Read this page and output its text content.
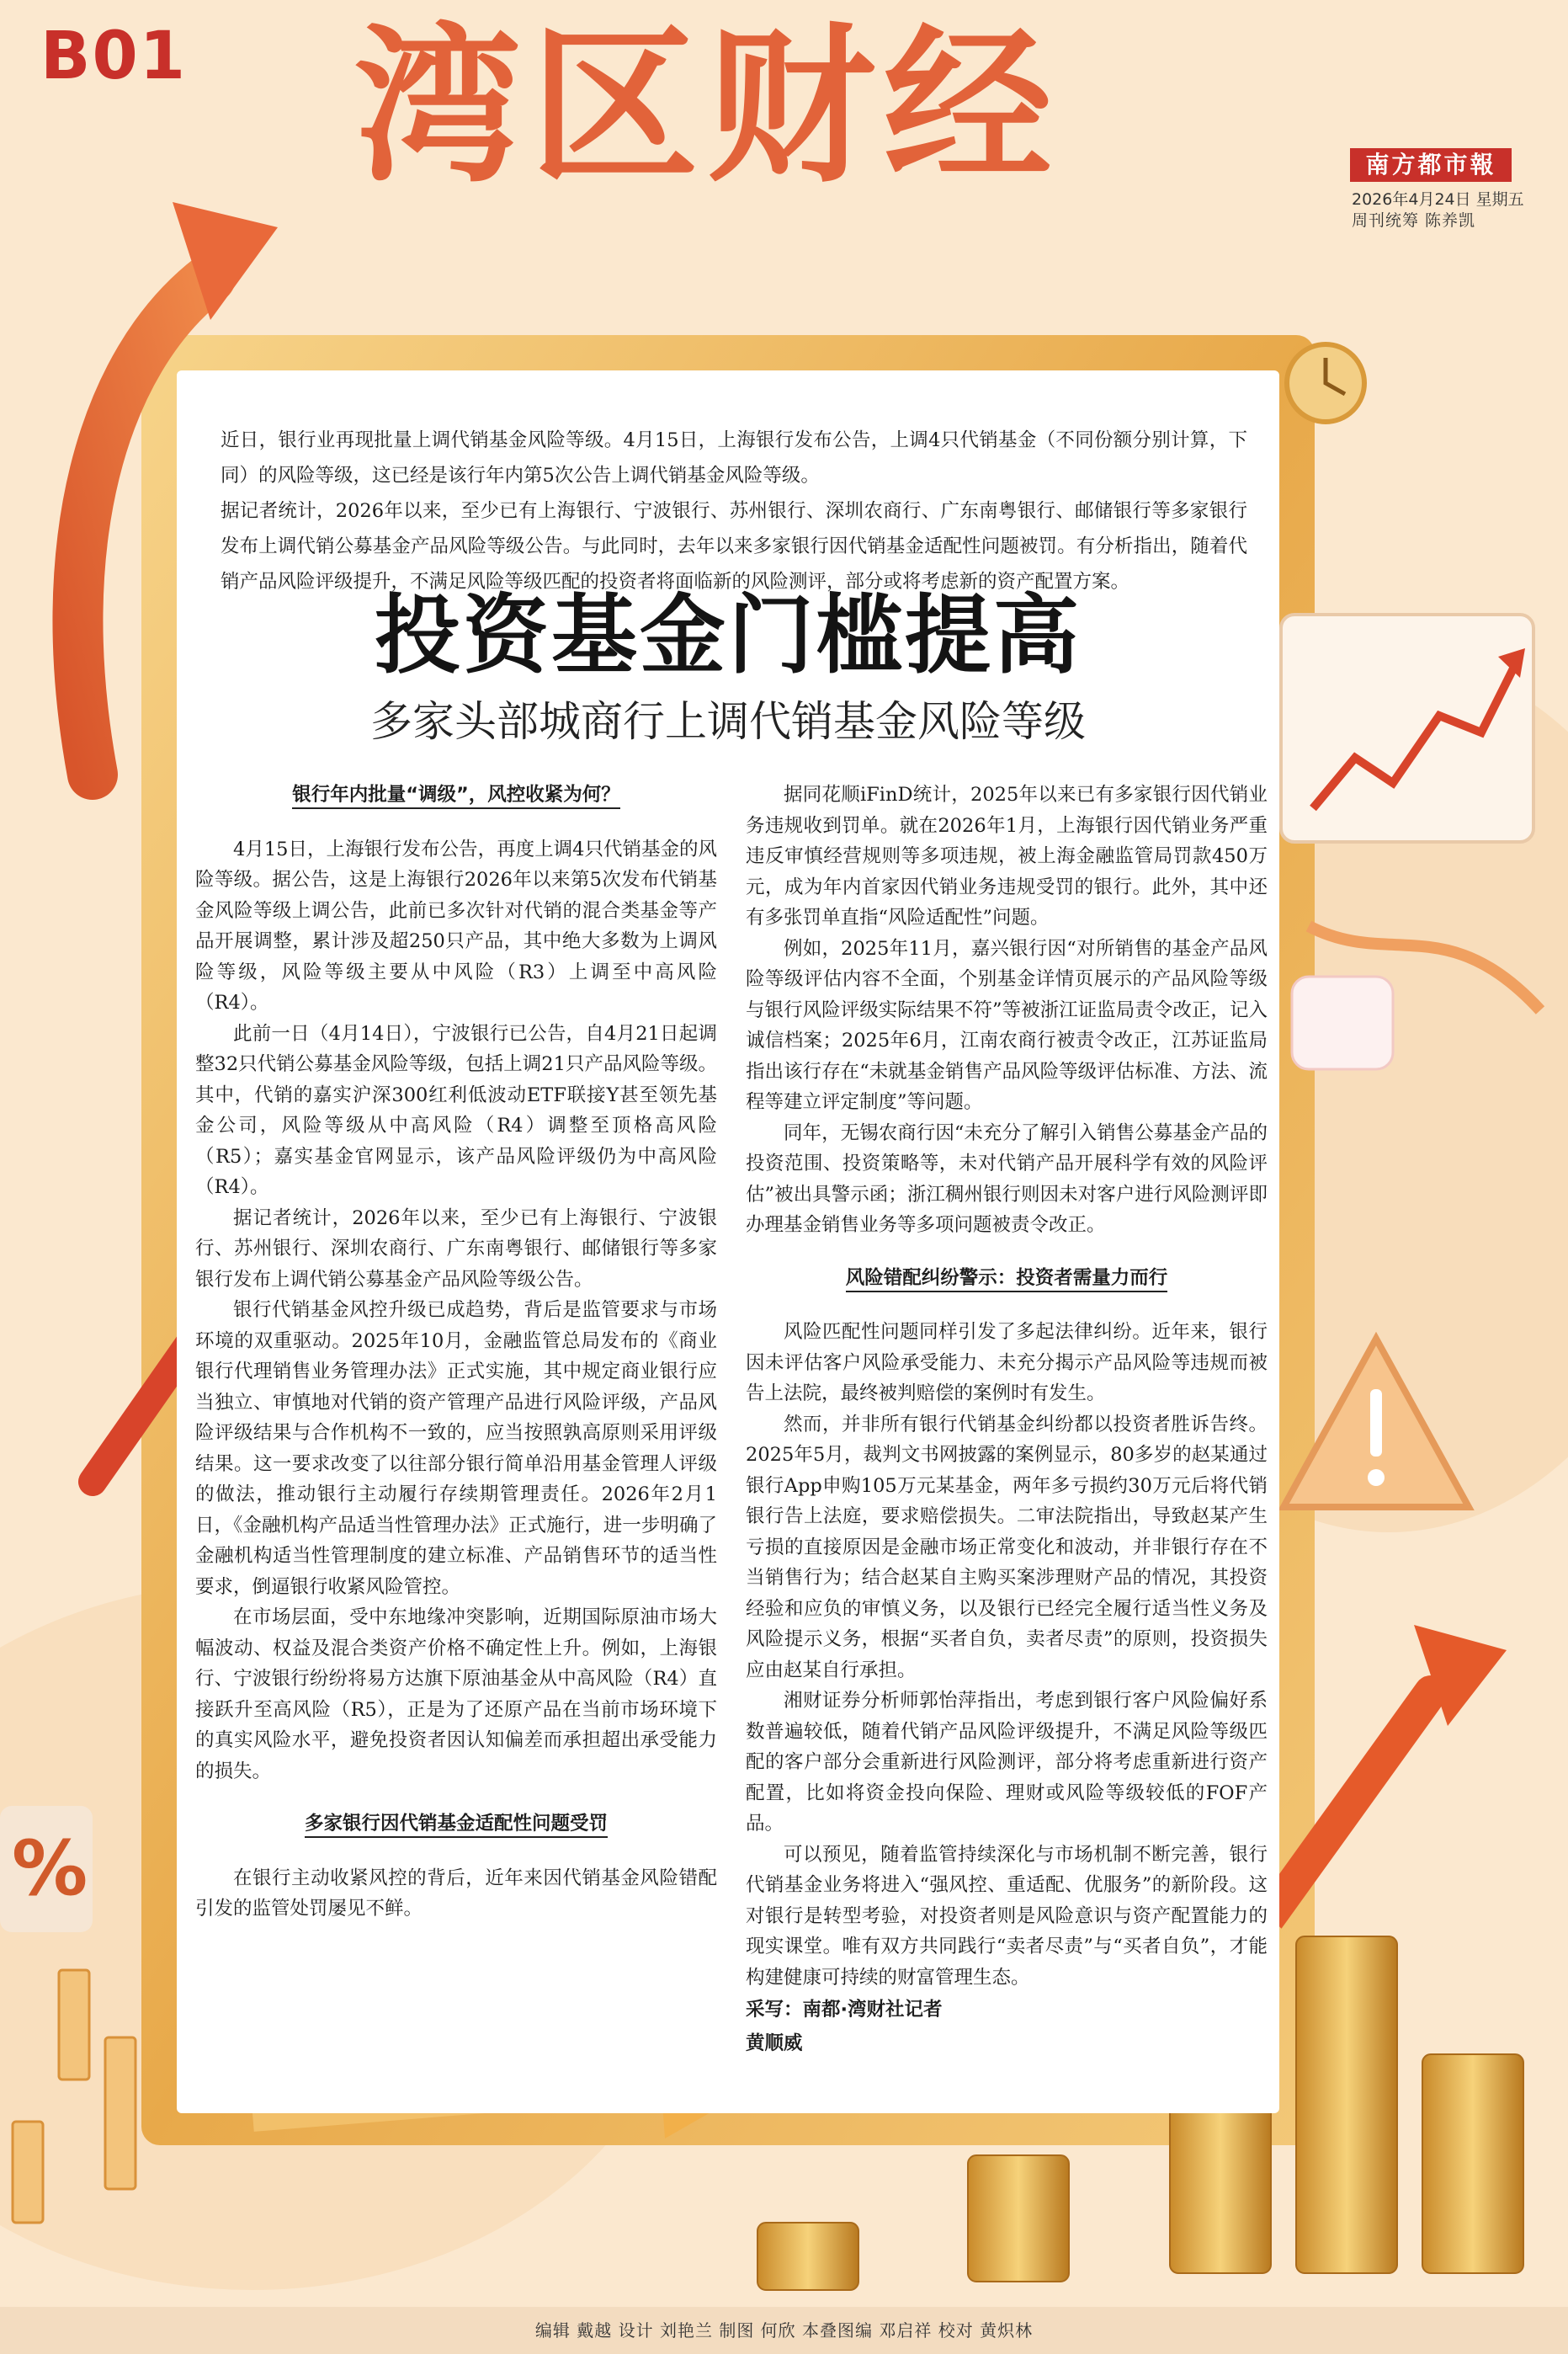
%
B01 湾区财经	南方都市報
2026年4月24日 星期五
周刊统筹 陈养凯

近日，银行业再现批量上调代销基金风险等级。4月15日，上海银行发布公告，上调4只代销基金（不同份额分别计算，下同）的风险等级，这已经是该行年内第5次公告上调代销基金风险等级。

据记者统计，2026年以来，至少已有上海银行、宁波银行、苏州银行、深圳农商行、广东南粤银行、邮储银行等多家银行发布上调代销公募基金产品风险等级公告。与此同时，去年以来多家银行因代销基金适配性问题被罚。有分析指出，随着代销产品风险评级提升，不满足风险等级匹配的投资者将面临新的风险测评，部分或将考虑新的资产配置方案。

投资基金门槛提高
多家头部城商行上调代销基金风险等级
银行年内批量“调级”，风控收紧为何？

4月15日，上海银行发布公告，再度上调4只代销基金的风险等级。据公告，这是上海银行2026年以来第5次发布代销基金风险等级上调公告，此前已多次针对代销的混合类基金等产品开展调整，累计涉及超250只产品，其中绝大多数为上调风险等级，风险等级主要从中风险（R3）上调至中高风险（R4）。

此前一日（4月14日），宁波银行已公告，自4月21日起调整32只代销公募基金风险等级，包括上调21只产品风险等级。其中，代销的嘉实沪深300红利低波动ETF联接Y甚至领先基金公司，风险等级从中高风险（R4）调整至顶格高风险（R5）；嘉实基金官网显示，该产品风险评级仍为中高风险（R4）。

据记者统计，2026年以来，至少已有上海银行、宁波银行、苏州银行、深圳农商行、广东南粤银行、邮储银行等多家银行发布上调代销公募基金产品风险等级公告。

银行代销基金风控升级已成趋势，背后是监管要求与市场环境的双重驱动。2025年10月，金融监管总局发布的《商业银行代理销售业务管理办法》正式实施，其中规定商业银行应当独立、审慎地对代销的资产管理产品进行风险评级，产品风险评级结果与合作机构不一致的，应当按照孰高原则采用评级结果。这一要求改变了以往部分银行简单沿用基金管理人评级的做法，推动银行主动履行存续期管理责任。2026年2月1日，《金融机构产品适当性管理办法》正式施行，进一步明确了金融机构适当性管理制度的建立标准、产品销售环节的适当性要求，倒逼银行收紧风险管控。

在市场层面，受中东地缘冲突影响，近期国际原油市场大幅波动、权益及混合类资产价格不确定性上升。例如，上海银行、宁波银行纷纷将易方达旗下原油基金从中高风险（R4）直接跃升至高风险（R5），正是为了还原产品在当前市场环境下的真实风险水平，避免投资者因认知偏差而承担超出承受能力的损失。

多家银行因代销基金适配性问题受罚

在银行主动收紧风控的背后，近年来因代销基金风险错配引发的监管处罚屡见不鲜。

据同花顺iFinD统计，2025年以来已有多家银行因代销业务违规收到罚单。就在2026年1月，上海银行因代销业务严重违反审慎经营规则等多项违规，被上海金融监管局罚款450万元，成为年内首家因代销业务违规受罚的银行。此外，其中还有多张罚单直指“风险适配性”问题。

例如，2025年11月，嘉兴银行因“对所销售的基金产品风险等级评估内容不全面，个别基金详情页展示的产品风险等级与银行风险评级实际结果不符”等被浙江证监局责令改正，记入诚信档案；2025年6月，江南农商行被责令改正，江苏证监局指出该行存在“未就基金销售产品风险等级评估标准、方法、流程等建立评定制度”等问题。

同年，无锡农商行因“未充分了解引入销售公募基金产品的投资范围、投资策略等，未对代销产品开展科学有效的风险评估”被出具警示函；浙江稠州银行则因未对客户进行风险测评即办理基金销售业务等多项问题被责令改正。

风险错配纠纷警示：投资者需量力而行

风险匹配性问题同样引发了多起法律纠纷。近年来，银行因未评估客户风险承受能力、未充分揭示产品风险等违规而被告上法院，最终被判赔偿的案例时有发生。

然而，并非所有银行代销基金纠纷都以投资者胜诉告终。2025年5月，裁判文书网披露的案例显示，80多岁的赵某通过银行App申购105万元某基金，两年多亏损约30万元后将代销银行告上法庭，要求赔偿损失。二审法院指出，导致赵某产生亏损的直接原因是金融市场正常变化和波动，并非银行存在不当销售行为；结合赵某自主购买案涉理财产品的情况，其投资经验和应负的审慎义务，以及银行已经完全履行适当性义务及风险提示义务，根据“买者自负，卖者尽责”的原则，投资损失应由赵某自行承担。

湘财证券分析师郭怡萍指出，考虑到银行客户风险偏好系数普遍较低，随着代销产品风险评级提升，不满足风险等级匹配的客户部分会重新进行风险测评，部分将考虑重新进行资产配置，比如将资金投向保险、理财或风险等级较低的FOF产品。

可以预见，随着监管持续深化与市场机制不断完善，银行代销基金业务将进入“强风控、重适配、优服务”的新阶段。这对银行是转型考验，对投资者则是风险意识与资产配置能力的现实课堂。唯有双方共同践行“卖者尽责”与“买者自负”，才能构建健康可持续的财富管理生态。

采写：南都·湾财社记者
黄顺威

编辑 戴越 设计 刘艳兰 制图 何欣 本叠图编 邓启祥 校对 黄炽林
